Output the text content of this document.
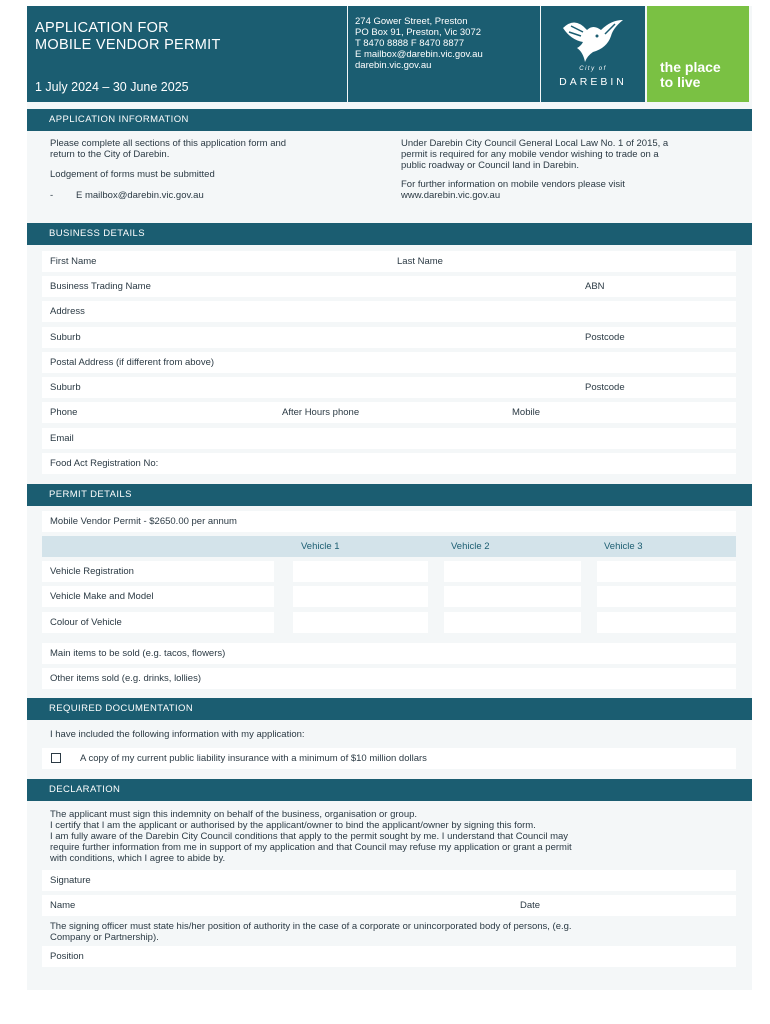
APPLICATION FOR
MOBILE VENDOR PERMIT
1 July 2024 – 30 June 2025
274 Gower Street, Preston
PO Box 91, Preston, Vic 3072
T 8470 8888 F 8470 8877
E mailbox@darebin.vic.gov.au
darebin.vic.gov.au	City of
DAREBIN
the place
to live
APPLICATION INFORMATION
Please complete all sections of this application form and
return to the City of Darebin.
Lodgement of forms must be submitted
- E mailbox@darebin.vic.gov.au
Under Darebin City Council General Local Law No. 1 of 2015, a
permit is required for any mobile vendor wishing to trade on a
public roadway or Council land in Darebin.
For further information on mobile vendors please visit
www.darebin.vic.gov.au
BUSINESS DETAILS
First Name	Last Name
Business Trading Name	ABN
Address
Suburb	Postcode
Postal Address (if different from above)
Suburb	Postcode
Phone	After Hours phone	Mobile
Email
Food Act Registration No:
PERMIT DETAILS
Mobile Vendor Permit - $2650.00 per annum
Vehicle 1	Vehicle 2	Vehicle 3
Vehicle Registration
Vehicle Make and Model
Colour of Vehicle
Main items to be sold (e.g. tacos, flowers)
Other items sold (e.g. drinks, lollies)
REQUIRED DOCUMENTATION
I have included the following information with my application:
A copy of my current public liability insurance with a minimum of $10 million dollars
DECLARATION
The applicant must sign this indemnity on behalf of the business, organisation or group.
I certify that I am the applicant or authorised by the applicant/owner to bind the applicant/owner by signing this form.
I am fully aware of the Darebin City Council conditions that apply to the permit sought by me. I understand that Council may
require further information from me in support of my application and that Council may refuse my application or grant a permit
with conditions, which I agree to abide by.
Signature
Name	Date
The signing officer must state his/her position of authority in the case of a corporate or unincorporated body of persons, (e.g.
Company or Partnership).
Position
